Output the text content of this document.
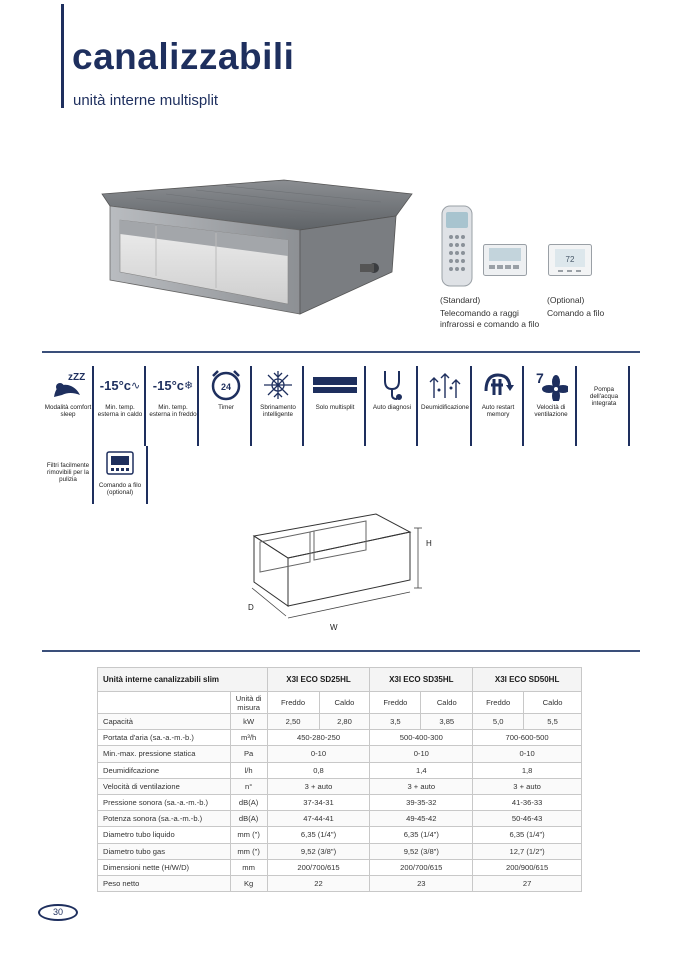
canalizzabili
unità interne multisplit
72
(Standard)
Telecomando a raggi infrarossi e comando a filo
(Optional)
Comando a filo
zZZ
Modalità comfort sleep
-15°c ∿
Min. temp. esterna in caldo
-15°c ❄
Min. temp. esterna in freddo
24
Timer	Sbrinamento intelligente
Solo multisplit	Auto diagnosi	Deumidificazione	Auto restart memory
7
Velocità di ventilazione
Pompa dell'acqua integrata
Filtri facilmente rimovibili per la pulizia
Comando a filo (optional)
H
D
W
Unità interne canalizzabili slim		X3I ECO SD25HL		X3I ECO SD35HL		X3I ECO SD50HL	
	Unità di misura	Freddo	Caldo	Freddo	Caldo	Freddo	Caldo
Capacità	kW	2,50	2,80	3,5	3,85	5,0	5,5
Portata d'aria (sa.-a.-m.-b.)	m³/h	450-280-250		500-400-300		700-600-500	
Min.-max. pressione statica	Pa	0-10		0-10		0-10	
Deumidifcazione	l/h	0,8		1,4		1,8	
Velocità di ventilazione	n°	3 + auto		3 + auto		3 + auto	
Pressione sonora (sa.-a.-m.-b.)	dB(A)	37-34-31		39-35-32		41-36-33	
Potenza sonora (sa.-a.-m.-b.)	dB(A)	47-44-41		49-45-42		50-46-43	
Diametro tubo liquido	mm (")	6,35 (1/4")		6,35 (1/4")		6,35 (1/4")	
Diametro tubo gas	mm (")	9,52 (3/8")		9,52 (3/8")		12,7 (1/2")	
Dimensioni nette (H/W/D)	mm	200/700/615		200/700/615		200/900/615	
Peso netto	Kg	22		23		27	
30
